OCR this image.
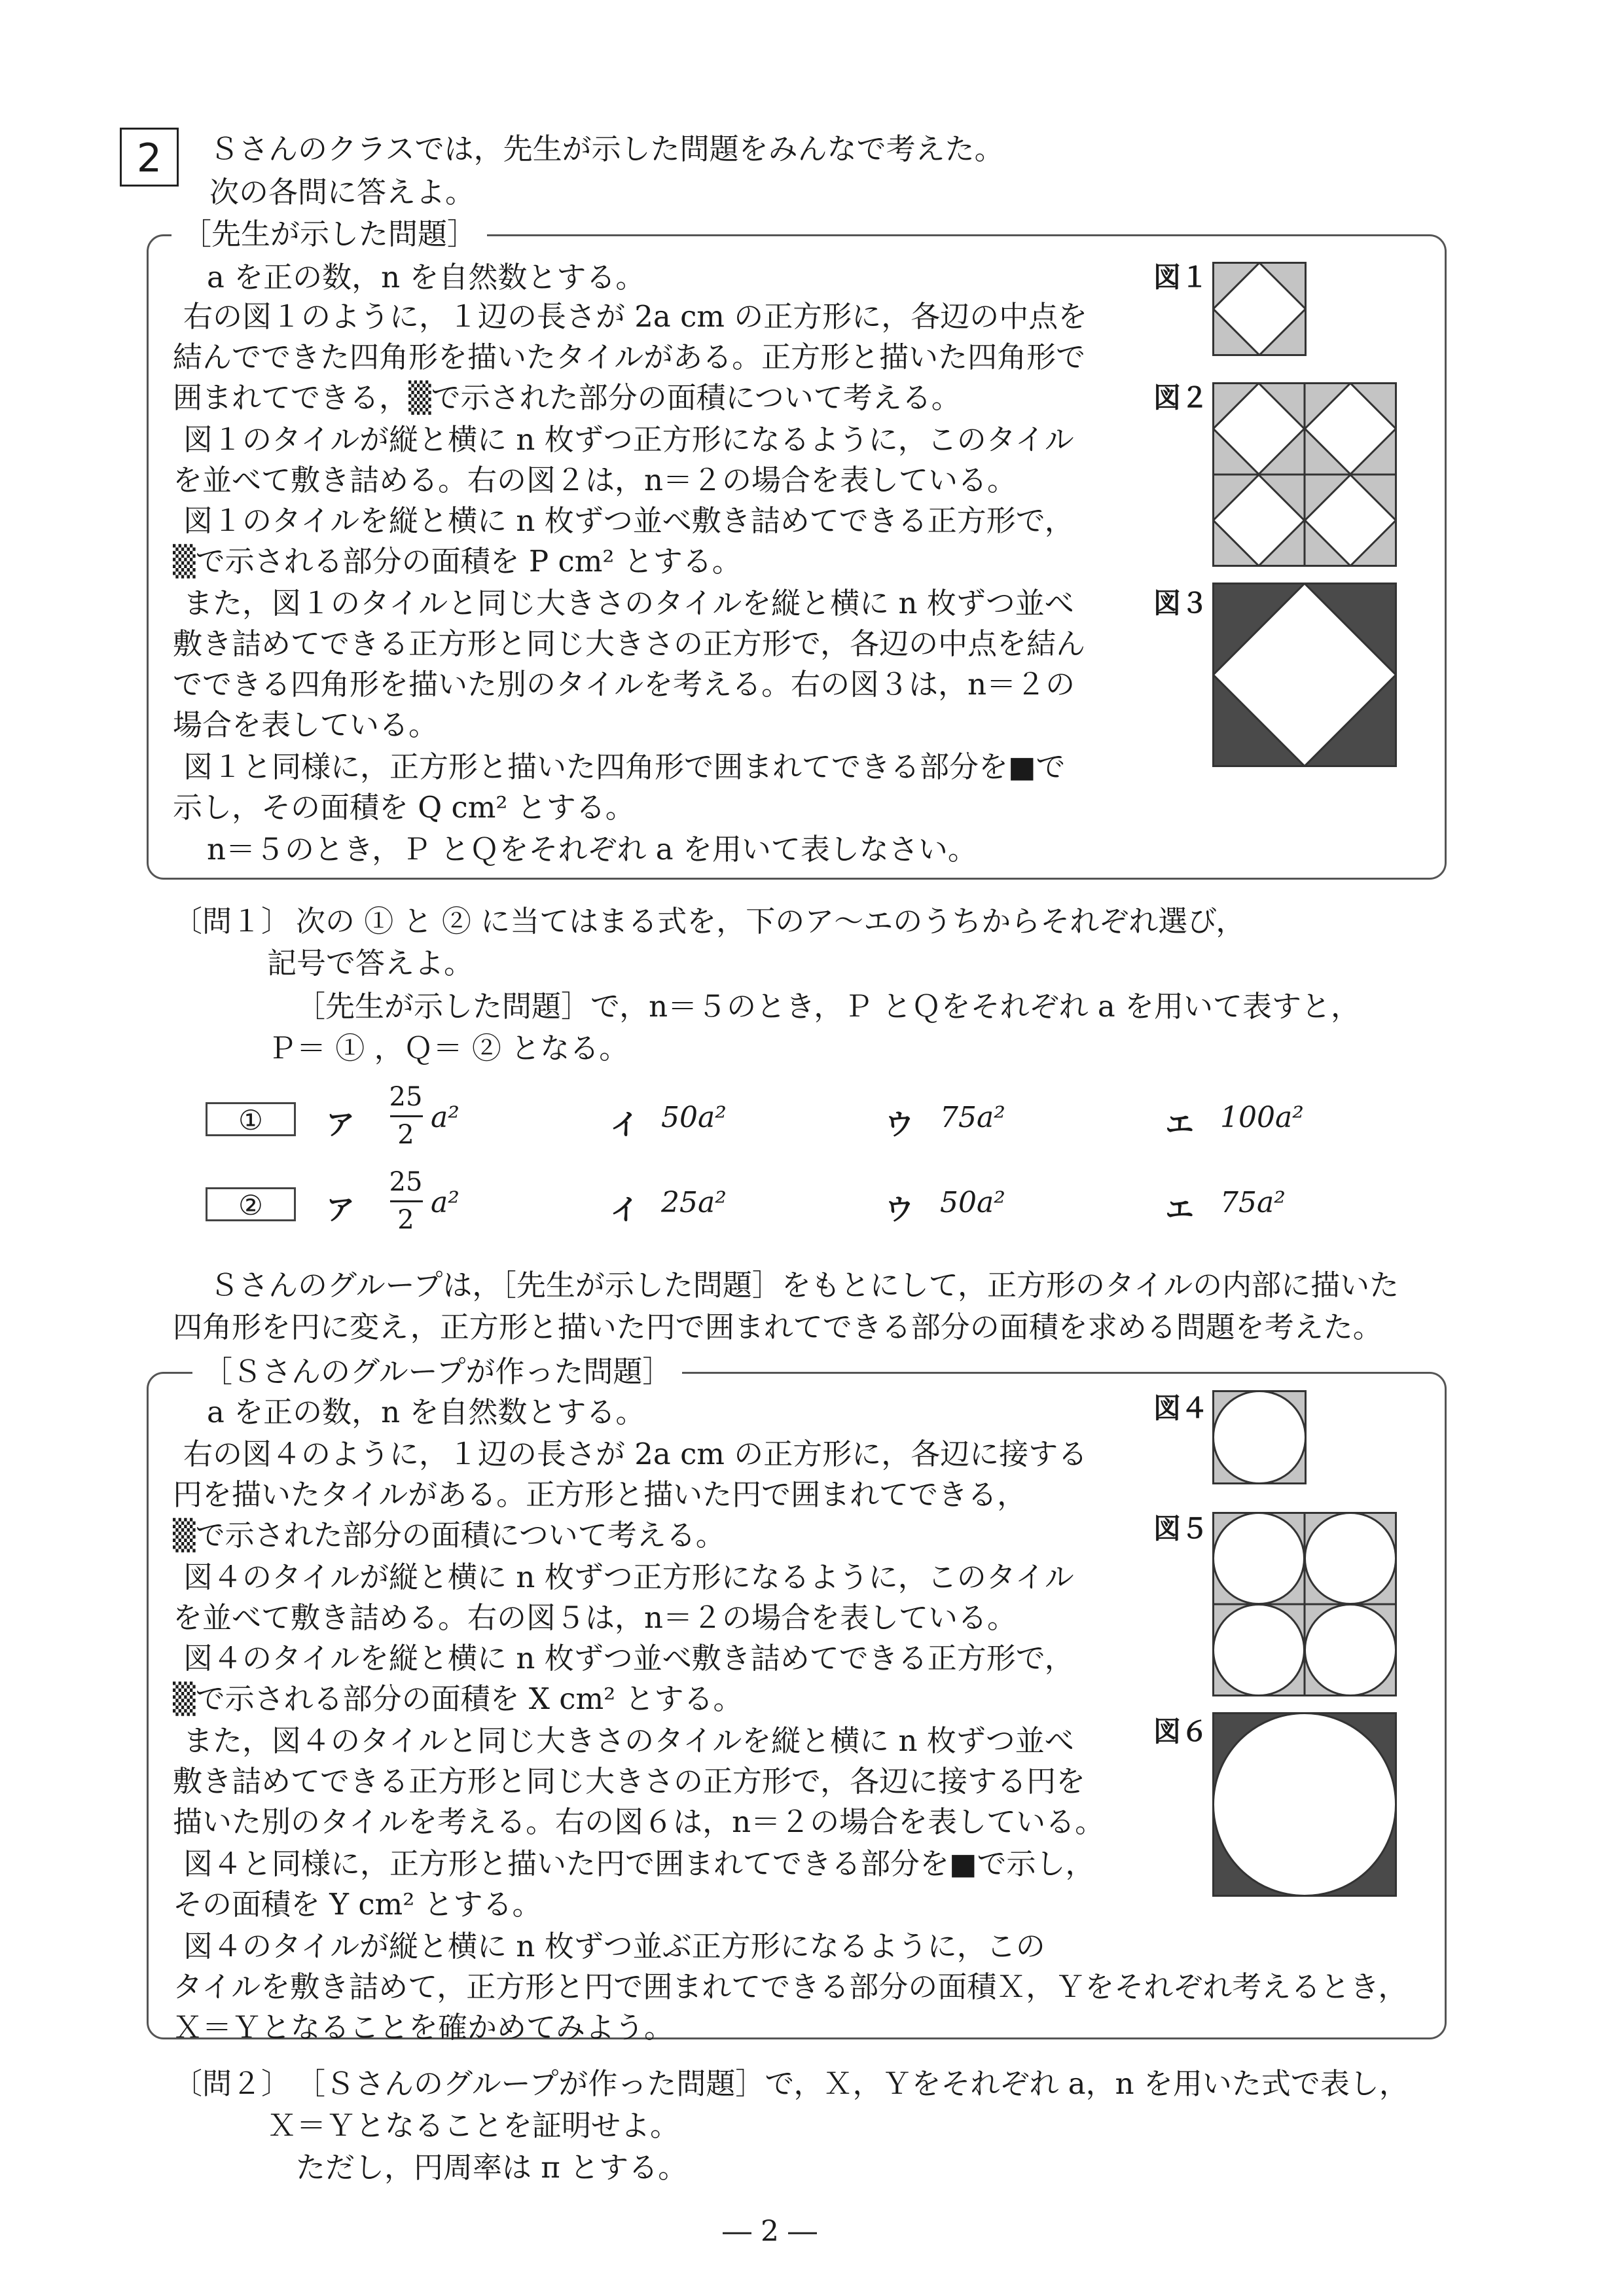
2	Ｓさんのクラスでは，先生が示した問題をみんなで考えた。
次の各問に答えよ。
［先生が示した問題］
a を正の数，n を自然数とする。
右の図１のように，１辺の長さが 2a cm の正方形に，各辺の中点を
結んでできた四角形を描いたタイルがある。正方形と描いた四角形で
囲まれてできる，▒で示された部分の面積について考える。
図１のタイルが縦と横に n 枚ずつ正方形になるように，このタイル
を並べて敷き詰める。右の図２は，n＝２の場合を表している。
図１のタイルを縦と横に n 枚ずつ並べ敷き詰めてできる正方形で，
▒で示される部分の面積を P cm² とする。
また，図１のタイルと同じ大きさのタイルを縦と横に n 枚ずつ並べ
敷き詰めてできる正方形と同じ大きさの正方形で，各辺の中点を結ん
でできる四角形を描いた別のタイルを考える。右の図３は，n＝２の
場合を表している。
図１と同様に，正方形と描いた四角形で囲まれてできる部分を■で
示し，その面積を Q cm² とする。
n＝５のとき，Ｐ とＱをそれぞれ a を用いて表しなさい。
図１
図２
図３
〔問１〕 次の ① と ② に当てはまる式を，下のア～エのうちからそれぞれ選び，
記号で答えよ。
［先生が示した問題］で，n＝５のとき，Ｐ とＱをそれぞれ a を用いて表すと，
Ｐ＝ ① ，Ｑ＝ ② となる。
①	ア
25
2
a²	イ 50a²	ウ 75a²	エ 100a²
②	ア
25
2
a²	イ 25a²	ウ 50a²	エ 75a²
Ｓさんのグループは，［先生が示した問題］をもとにして，正方形のタイルの内部に描いた
四角形を円に変え，正方形と描いた円で囲まれてできる部分の面積を求める問題を考えた。
［Ｓさんのグループが作った問題］
a を正の数，n を自然数とする。
右の図４のように，１辺の長さが 2a cm の正方形に，各辺に接する
円を描いたタイルがある。正方形と描いた円で囲まれてできる，
▒で示された部分の面積について考える。
図４のタイルが縦と横に n 枚ずつ正方形になるように，このタイル
を並べて敷き詰める。右の図５は，n＝２の場合を表している。
図４のタイルを縦と横に n 枚ずつ並べ敷き詰めてできる正方形で，
▒で示される部分の面積を X cm² とする。
また，図４のタイルと同じ大きさのタイルを縦と横に n 枚ずつ並べ
敷き詰めてできる正方形と同じ大きさの正方形で，各辺に接する円を
描いた別のタイルを考える。右の図６は，n＝２の場合を表している。
図４と同様に，正方形と描いた円で囲まれてできる部分を■で示し，
その面積を Y cm² とする。
図４のタイルが縦と横に n 枚ずつ並ぶ正方形になるように，この
タイルを敷き詰めて，正方形と円で囲まれてできる部分の面積Ｘ，Ｙをそれぞれ考えるとき，
Ｘ＝Ｙとなることを確かめてみよう。
図４
図５
図６
〔問２〕 ［Ｓさんのグループが作った問題］で，Ｘ，Ｙをそれぞれ a，n を用いた式で表し，
Ｘ＝Ｙとなることを証明せよ。
ただし，円周率は π とする。
― 2 ―
